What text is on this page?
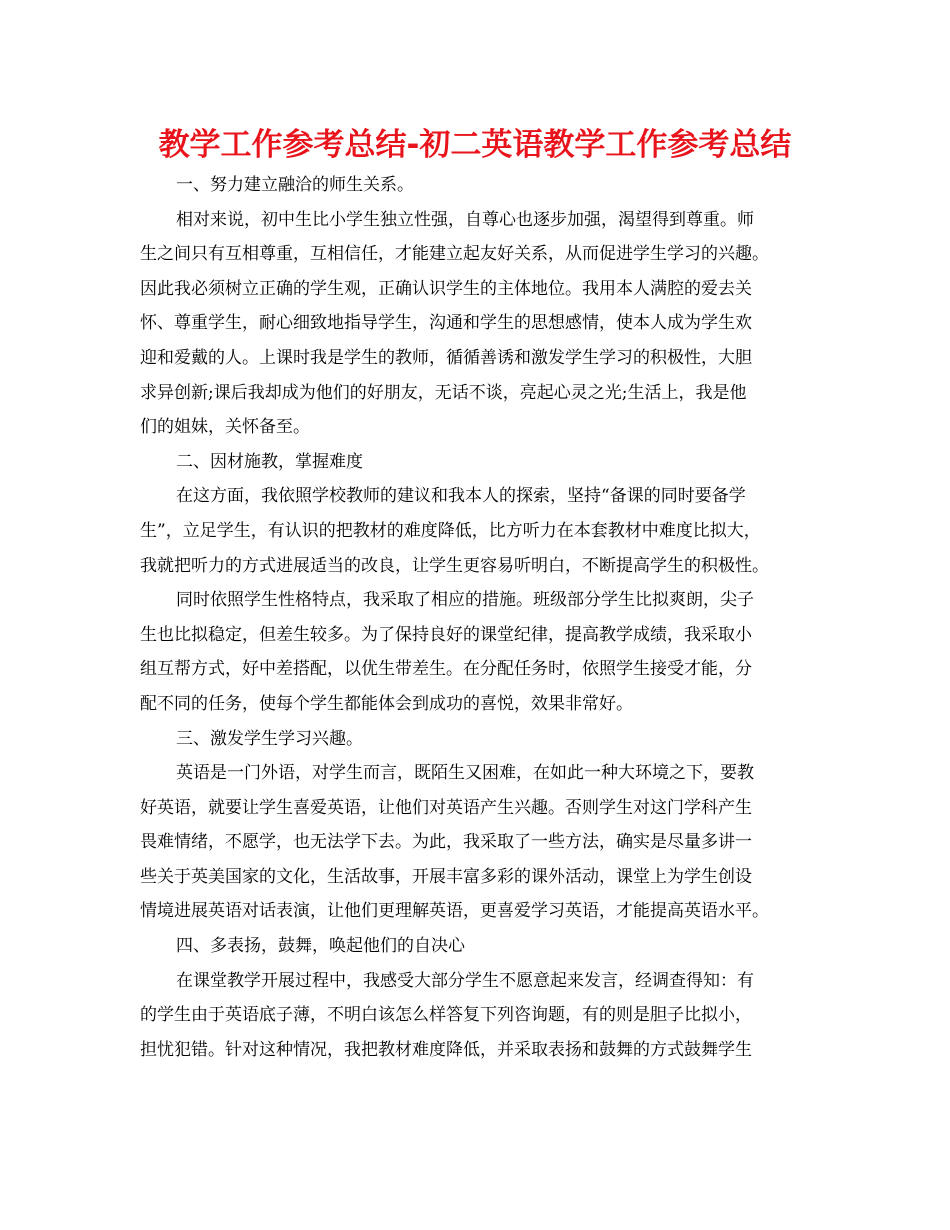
教学工作参考总结-初二英语教学工作参考总结
一、努力建立融洽的师生关系。
相对来说，初中生比小学生独立性强，自尊心也逐步加强，渴望得到尊重。师
生之间只有互相尊重，互相信任，才能建立起友好关系，从而促进学生学习的兴趣。
因此我必须树立正确的学生观，正确认识学生的主体地位。我用本人满腔的爱去关
怀、尊重学生，耐心细致地指导学生，沟通和学生的思想感情，使本人成为学生欢
迎和爱戴的人。上课时我是学生的教师，循循善诱和激发学生学习的积极性，大胆
求异创新;课后我却成为他们的好朋友，无话不谈，亮起心灵之光;生活上，我是他
们的姐妹，关怀备至。
二、因材施教，掌握难度
在这方面，我依照学校教师的建议和我本人的探索，坚持“备课的同时要备学
生”，立足学生，有认识的把教材的难度降低，比方听力在本套教材中难度比拟大，
我就把听力的方式进展适当的改良，让学生更容易听明白，不断提高学生的积极性。
同时依照学生性格特点，我采取了相应的措施。班级部分学生比拟爽朗，尖子
生也比拟稳定，但差生较多。为了保持良好的课堂纪律，提高教学成绩，我采取小
组互帮方式，好中差搭配，以优生带差生。在分配任务时，依照学生接受才能，分
配不同的任务，使每个学生都能体会到成功的喜悦，效果非常好。
三、激发学生学习兴趣。
英语是一门外语，对学生而言，既陌生又困难，在如此一种大环境之下，要教
好英语，就要让学生喜爱英语，让他们对英语产生兴趣。否则学生对这门学科产生
畏难情绪，不愿学，也无法学下去。为此，我采取了一些方法，确实是尽量多讲一
些关于英美国家的文化，生活故事，开展丰富多彩的课外活动，课堂上为学生创设
情境进展英语对话表演，让他们更理解英语，更喜爱学习英语，才能提高英语水平。
四、多表扬，鼓舞，唤起他们的自决心
在课堂教学开展过程中，我感受大部分学生不愿意起来发言，经调查得知：有
的学生由于英语底子薄，不明白该怎么样答复下列咨询题，有的则是胆子比拟小，
担忧犯错。针对这种情况，我把教材难度降低，并采取表扬和鼓舞的方式鼓舞学生
